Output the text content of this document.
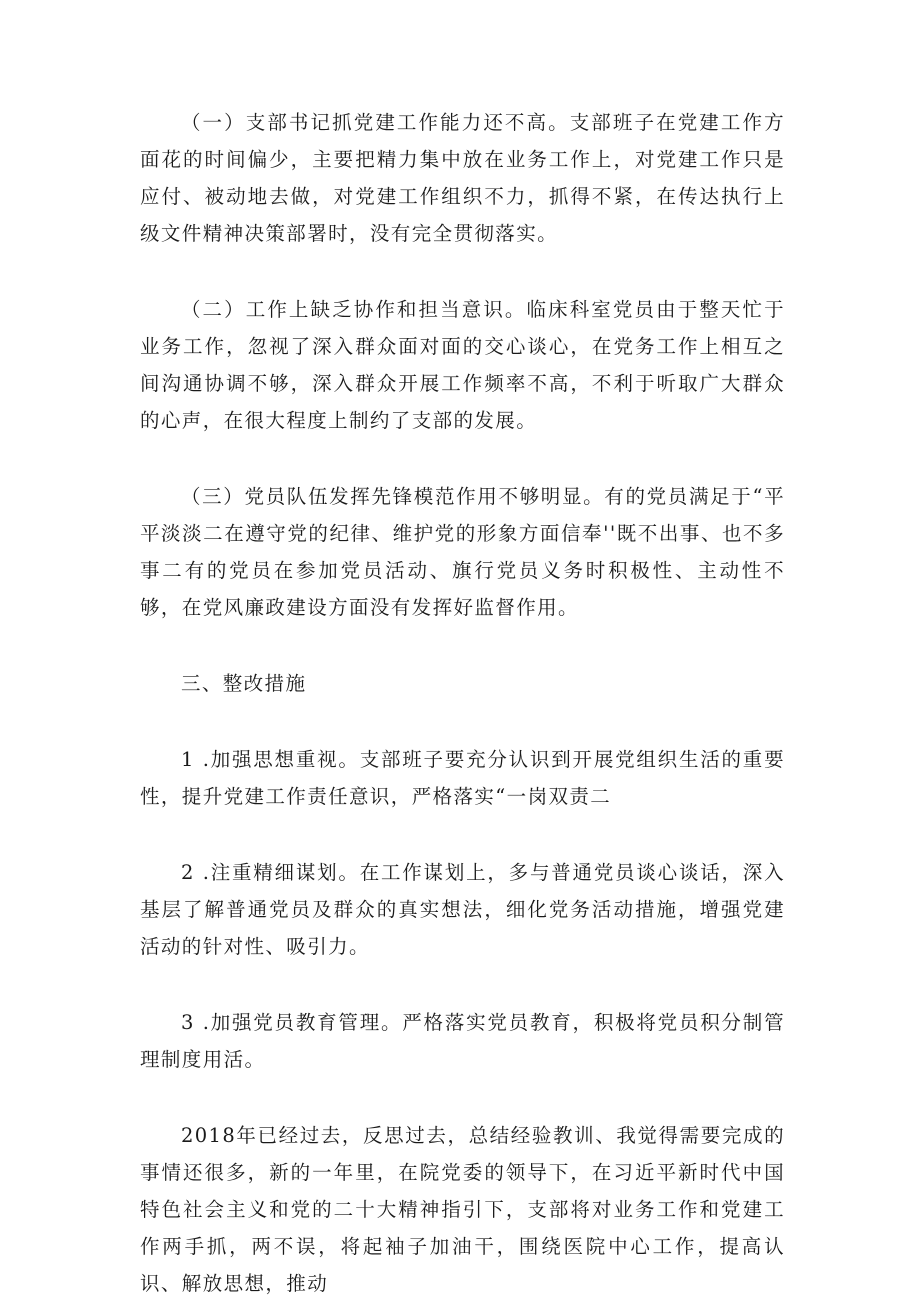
（一）支部书记抓党建工作能力还不高。支部班子在党建工作方面花的时间偏少，主要把精力集中放在业务工作上，对党建工作只是应付、被动地去做，对党建工作组织不力，抓得不紧，在传达执行上级文件精神决策部署时，没有完全贯彻落实。

（二）工作上缺乏协作和担当意识。临床科室党员由于整天忙于业务工作，忽视了深入群众面对面的交心谈心，在党务工作上相互之间沟通协调不够，深入群众开展工作频率不高，不利于听取广大群众的心声，在很大程度上制约了支部的发展。

（三）党员队伍发挥先锋模范作用不够明显。有的党员满足于“平平淡淡二在遵守党的纪律、维护党的形象方面信奉''既不出事、也不多事二有的党员在参加党员活动、旗行党员义务时积极性、主动性不够，在党风廉政建设方面没有发挥好监督作用。

三、整改措施

1 .加强思想重视。支部班子要充分认识到开展党组织生活的重要性，提升党建工作责任意识，严格落实“一岗双责二

2 .注重精细谋划。在工作谋划上，多与普通党员谈心谈话，深入基层了解普通党员及群众的真实想法，细化党务活动措施，增强党建活动的针对性、吸引力。

3 .加强党员教育管理。严格落实党员教育，积极将党员积分制管理制度用活。

2018年已经过去，反思过去，总结经验教训、我觉得需要完成的事情还很多，新的一年里，在院党委的领导下，在习近平新时代中国特色社会主义和党的二十大精神指引下，支部将对业务工作和党建工作两手抓，两不误，将起袖子加油干，围绕医院中心工作，提高认识、解放思想，推动
